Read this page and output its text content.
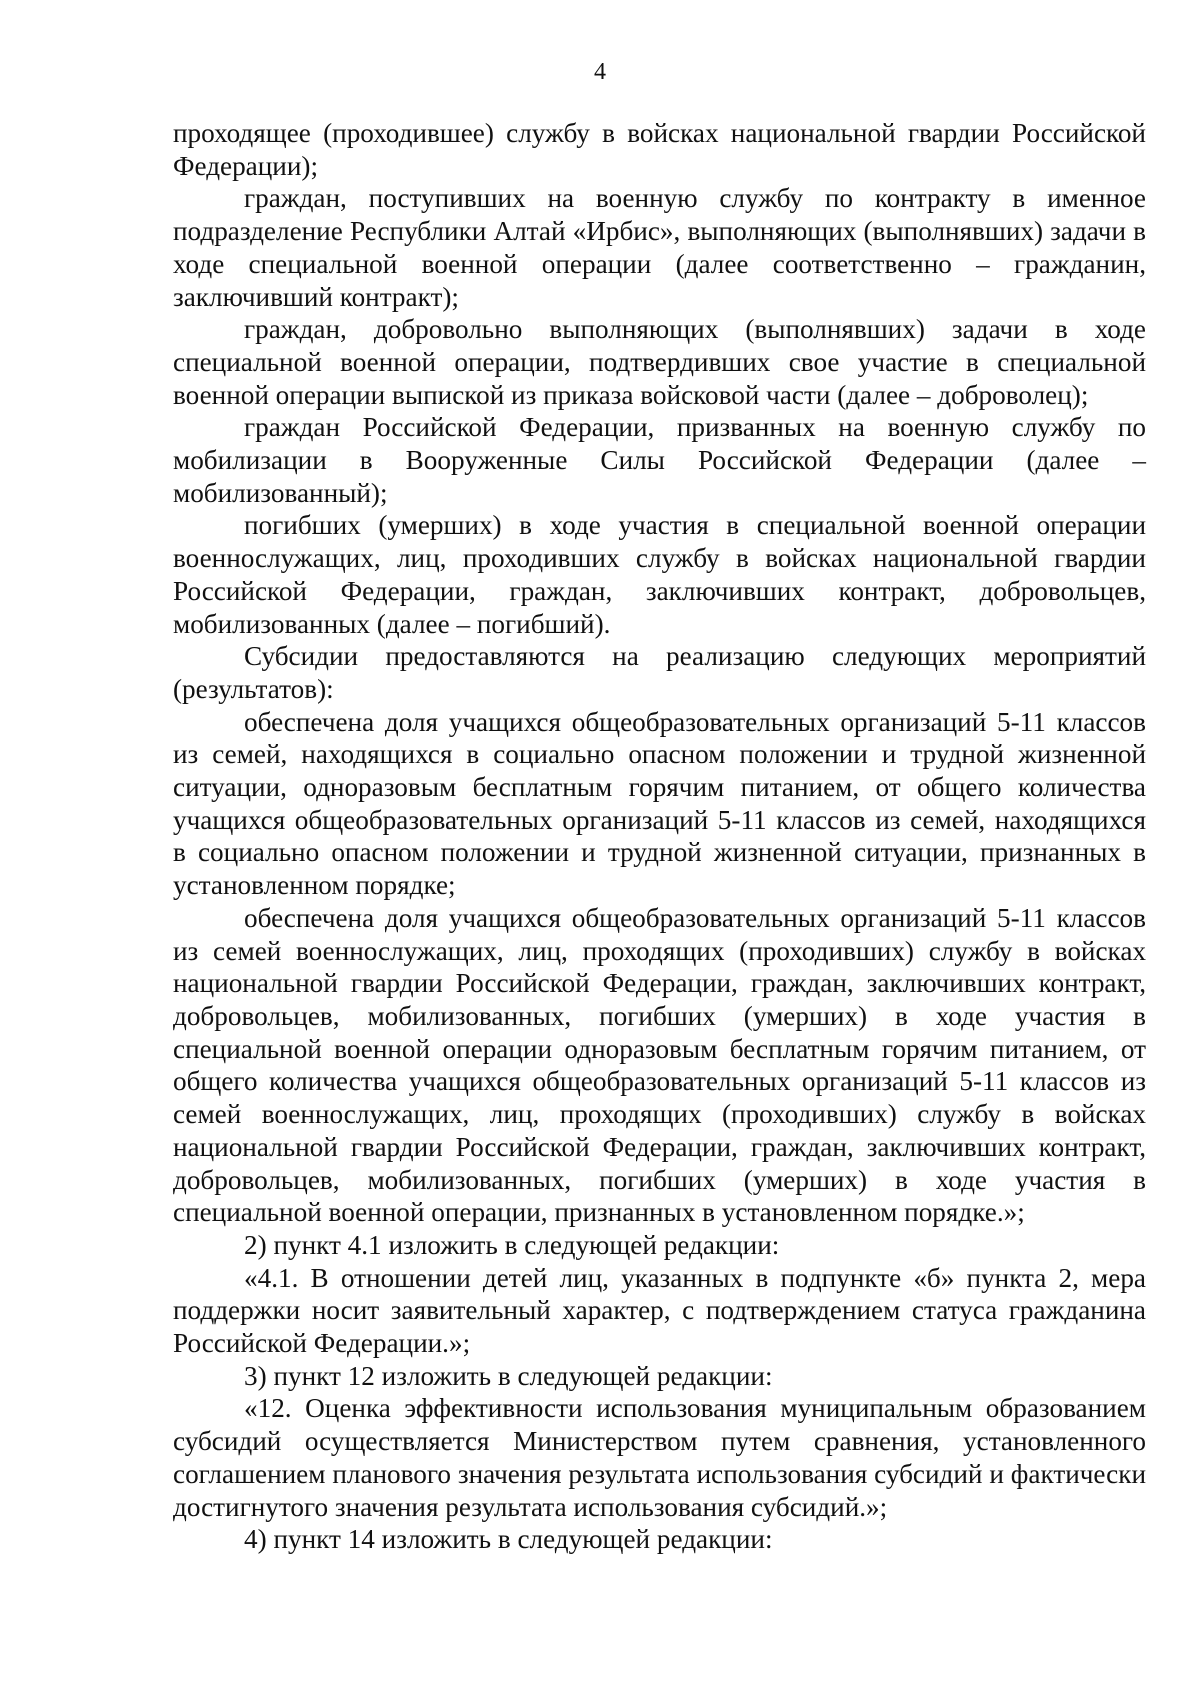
4

проходящее (проходившее) службу в войсках национальной гвардии Российской Федерации);

граждан, поступивших на военную службу по контракту в именное подразделение Республики Алтай «Ирбис», выполняющих (выполнявших) задачи в ходе специальной военной операции (далее соответственно – гражданин, заключивший контракт);

граждан, добровольно выполняющих (выполнявших) задачи в ходе специальной военной операции, подтвердивших свое участие в специальной военной операции выпиской из приказа войсковой части (далее – доброволец);

граждан Российской Федерации, призванных на военную службу по мобилизации в Вооруженные Силы Российской Федерации (далее – мобилизованный);

погибших (умерших) в ходе участия в специальной военной операции военнослужащих, лиц, проходивших службу в войсках национальной гвардии Российской Федерации, граждан, заключивших контракт, добровольцев, мобилизованных (далее – погибший).

Субсидии предоставляются на реализацию следующих мероприятий (результатов):

обеспечена доля учащихся общеобразовательных организаций 5-11 классов из семей, находящихся в социально опасном положении и трудной жизненной ситуации, одноразовым бесплатным горячим питанием, от общего количества учащихся общеобразовательных организаций 5-11 классов из семей, находящихся в социально опасном положении и трудной жизненной ситуации, признанных в установленном порядке;

обеспечена доля учащихся общеобразовательных организаций 5-11 классов из семей военнослужащих, лиц, проходящих (проходивших) службу в войсках национальной гвардии Российской Федерации, граждан, заключивших контракт, добровольцев, мобилизованных, погибших (умерших) в ходе участия в специальной военной операции одноразовым бесплатным горячим питанием, от общего количества учащихся общеобразовательных организаций 5-11 классов из семей военнослужащих, лиц, проходящих (проходивших) службу в войсках национальной гвардии Российской Федерации, граждан, заключивших контракт, добровольцев, мобилизованных, погибших (умерших) в ходе участия в специальной военной операции, признанных в установленном порядке.»;

2) пункт 4.1 изложить в следующей редакции:

«4.1. В отношении детей лиц, указанных в подпункте «б» пункта 2, мера поддержки носит заявительный характер, с подтверждением статуса гражданина Российской Федерации.»;

3) пункт 12 изложить в следующей редакции:

«12. Оценка эффективности использования муниципальным образованием субсидий осуществляется Министерством путем сравнения, установленного соглашением планового значения результата использования субсидий и фактически достигнутого значения результата использования субсидий.»;

4) пункт 14 изложить в следующей редакции:
